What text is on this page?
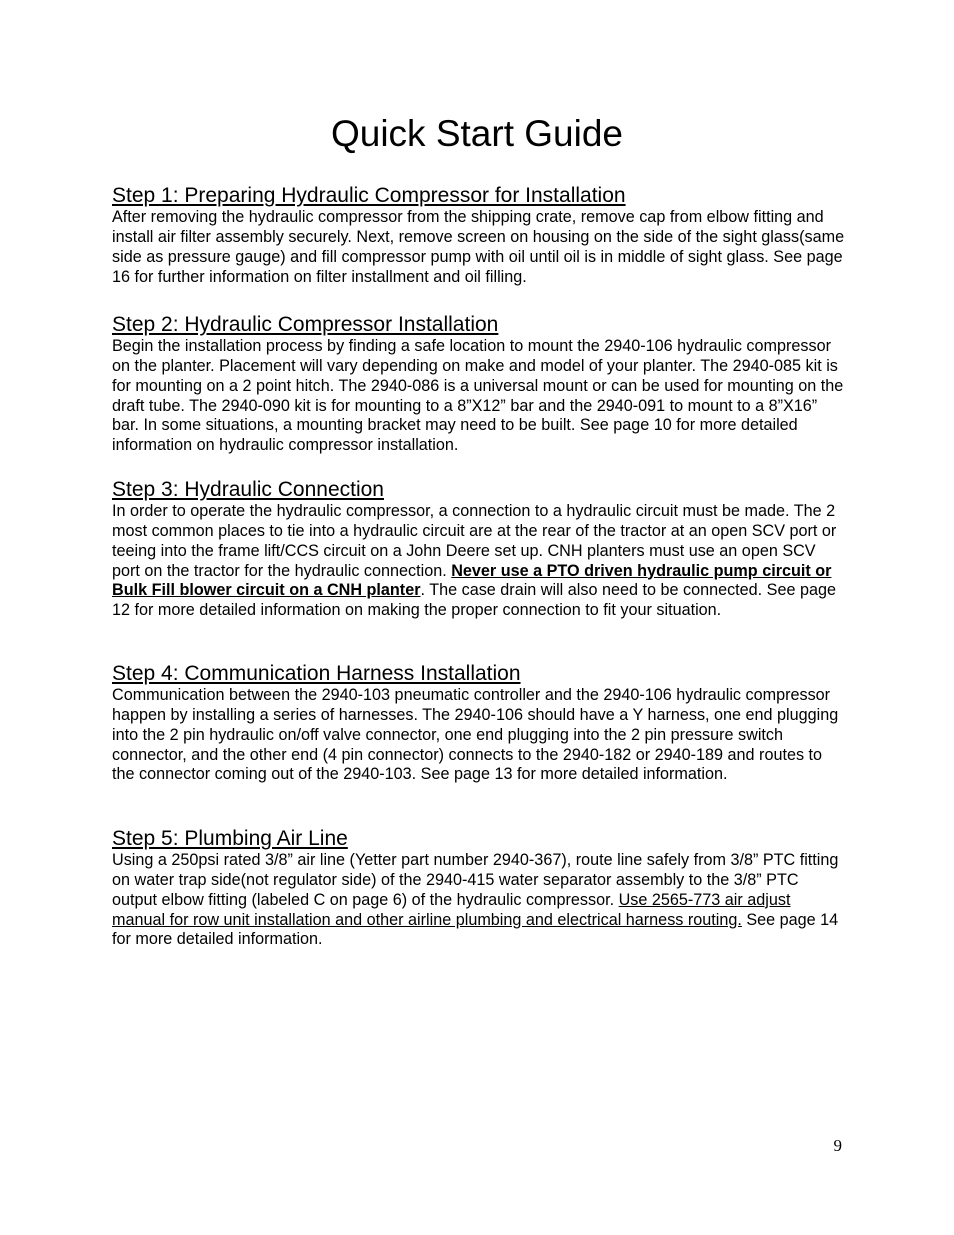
Quick Start Guide
Step 1: Preparing Hydraulic Compressor for Installation

After removing the hydraulic compressor from the shipping crate, remove cap from elbow fitting and install air filter assembly securely. Next, remove screen on housing on the side of the sight glass(same side as pressure gauge) and fill compressor pump with oil until oil is in middle of sight glass. See page 16 for further information on filter installment and oil filling.

Step 2: Hydraulic Compressor Installation

Begin the installation process by finding a safe location to mount the 2940-106 hydraulic compressor on the planter. Placement will vary depending on make and model of your planter. The 2940-085 kit is for mounting on a 2 point hitch. The 2940-086 is a universal mount or can be used for mounting on the draft tube. The 2940-090 kit is for mounting to a 8”X12” bar and the 2940-091 to mount to a 8”X16” bar. In some situations, a mounting bracket may need to be built. See page 10 for more detailed information on hydraulic compressor installation.

Step 3: Hydraulic Connection

In order to operate the hydraulic compressor, a connection to a hydraulic circuit must be made. The 2 most common places to tie into a hydraulic circuit are at the rear of the tractor at an open SCV port or teeing into the frame lift/CCS circuit on a John Deere set up. CNH planters must use an open SCV port on the tractor for the hydraulic connection. Never use a PTO driven hydraulic pump circuit or Bulk Fill blower circuit on a CNH planter. The case drain will also need to be connected. See page 12 for more detailed information on making the proper connection to fit your situation.

Step 4: Communication Harness Installation

Communication between the 2940-103 pneumatic controller and the 2940-106 hydraulic compressor happen by installing a series of harnesses. The 2940-106 should have a Y harness, one end plugging into the 2 pin hydraulic on/off valve connector, one end plugging into the 2 pin pressure switch connector, and the other end (4 pin connector) connects to the 2940-182 or 2940-189 and routes to the connector coming out of the 2940-103. See page 13 for more detailed information.

Step 5: Plumbing Air Line

Using a 250psi rated 3/8” air line (Yetter part number 2940-367), route line safely from 3/8” PTC fitting on water trap side(not regulator side) of the 2940-415 water separator assembly to the 3/8” PTC output elbow fitting (labeled C on page 6) of the hydraulic compressor. Use 2565-773 air adjust manual for row unit installation and other airline plumbing and electrical harness routing. See page 14 for more detailed information.

9
